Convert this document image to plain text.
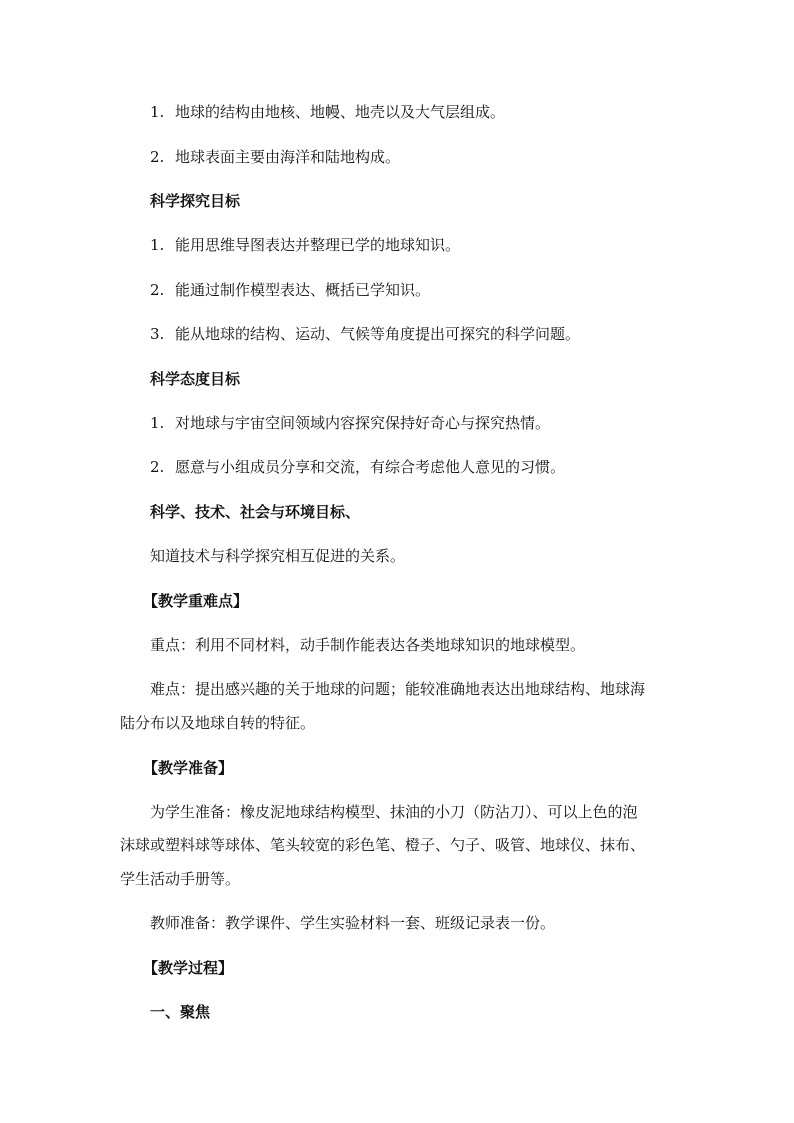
1. 地球的结构由地核、地幔、地壳以及大气层组成。
2. 地球表面主要由海洋和陆地构成。
科学探究目标
1. 能用思维导图表达并整理已学的地球知识。
2. 能通过制作模型表达、概括已学知识。
3. 能从地球的结构、运动、气候等角度提出可探究的科学问题。
科学态度目标
1. 对地球与宇宙空间领域内容探究保持好奇心与探究热情。
2. 愿意与小组成员分享和交流，有综合考虑他人意见的习惯。
科学、技术、社会与环境目标、
知道技术与科学探究相互促进的关系。
【教学重难点】
重点：利用不同材料，动手制作能表达各类地球知识的地球模型。
难点：提出感兴趣的关于地球的问题；能较准确地表达出地球结构、地球海
陆分布以及地球自转的特征。
【教学准备】
为学生准备：橡皮泥地球结构模型、抹油的小刀（防沾刀）、可以上色的泡
沫球或塑料球等球体、笔头较宽的彩色笔、橙子、勺子、吸管、地球仪、抹布、
学生活动手册等。
教师准备：教学课件、学生实验材料一套、班级记录表一份。
【教学过程】
一、聚焦
